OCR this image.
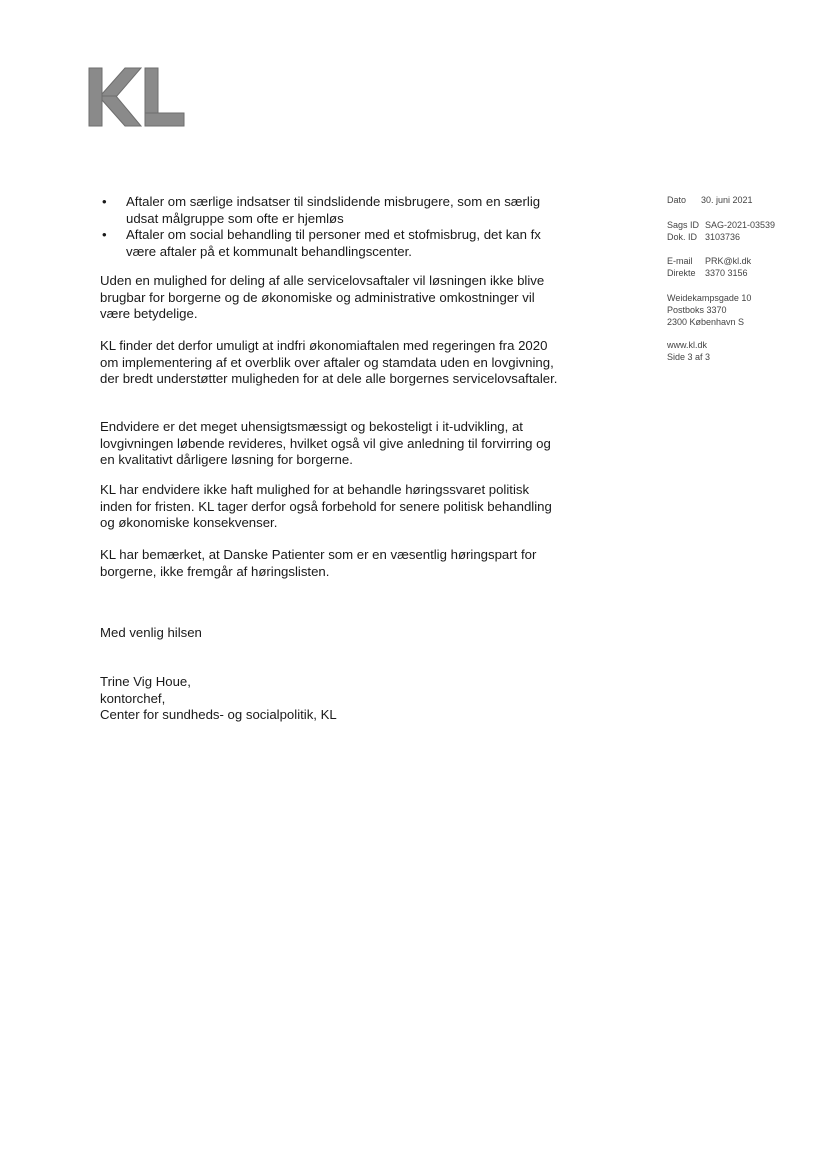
• Aftaler om særlige indsatser til sindslidende misbrugere, som en særlig udsat målgruppe som ofte er hjemløs
• Aftaler om social behandling til personer med et stofmisbrug, det kan fx være aftaler på et kommunalt behandlingscenter.

Uden en mulighed for deling af alle servicelovsaftaler vil løsningen ikke blive brugbar for borgerne og de økonomiske og administrative omkostninger vil være betydelige.

KL finder det derfor umuligt at indfri økonomiaftalen med regeringen fra 2020 om implementering af et overblik over aftaler og stamdata uden en lovgivning, der bredt understøtter muligheden for at dele alle borgernes servicelovsaftaler.

Endvidere er det meget uhensigtsmæssigt og bekosteligt i it-udvikling, at lovgivningen løbende revideres, hvilket også vil give anledning til forvirring og en kvalitativt dårligere løsning for borgerne.

KL har endvidere ikke haft mulighed for at behandle høringssvaret politisk inden for fristen. KL tager derfor også forbehold for senere politisk behandling og økonomiske konsekvenser.

KL har bemærket, at Danske Patienter som er en væsentlig høringspart for borgerne, ikke fremgår af høringslisten.

Med venlig hilsen

Trine Vig Houe,

kontorchef,

Center for sundheds- og socialpolitik, KL

Dato 30. juni 2021
Sags ID SAG-2021-03539
Dok. ID 3103736
E-mail PRK@kl.dk
Direkte 3370 3156
Weidekampsgade 10
Postboks 3370
2300 København S
www.kl.dk
Side 3 af 3
